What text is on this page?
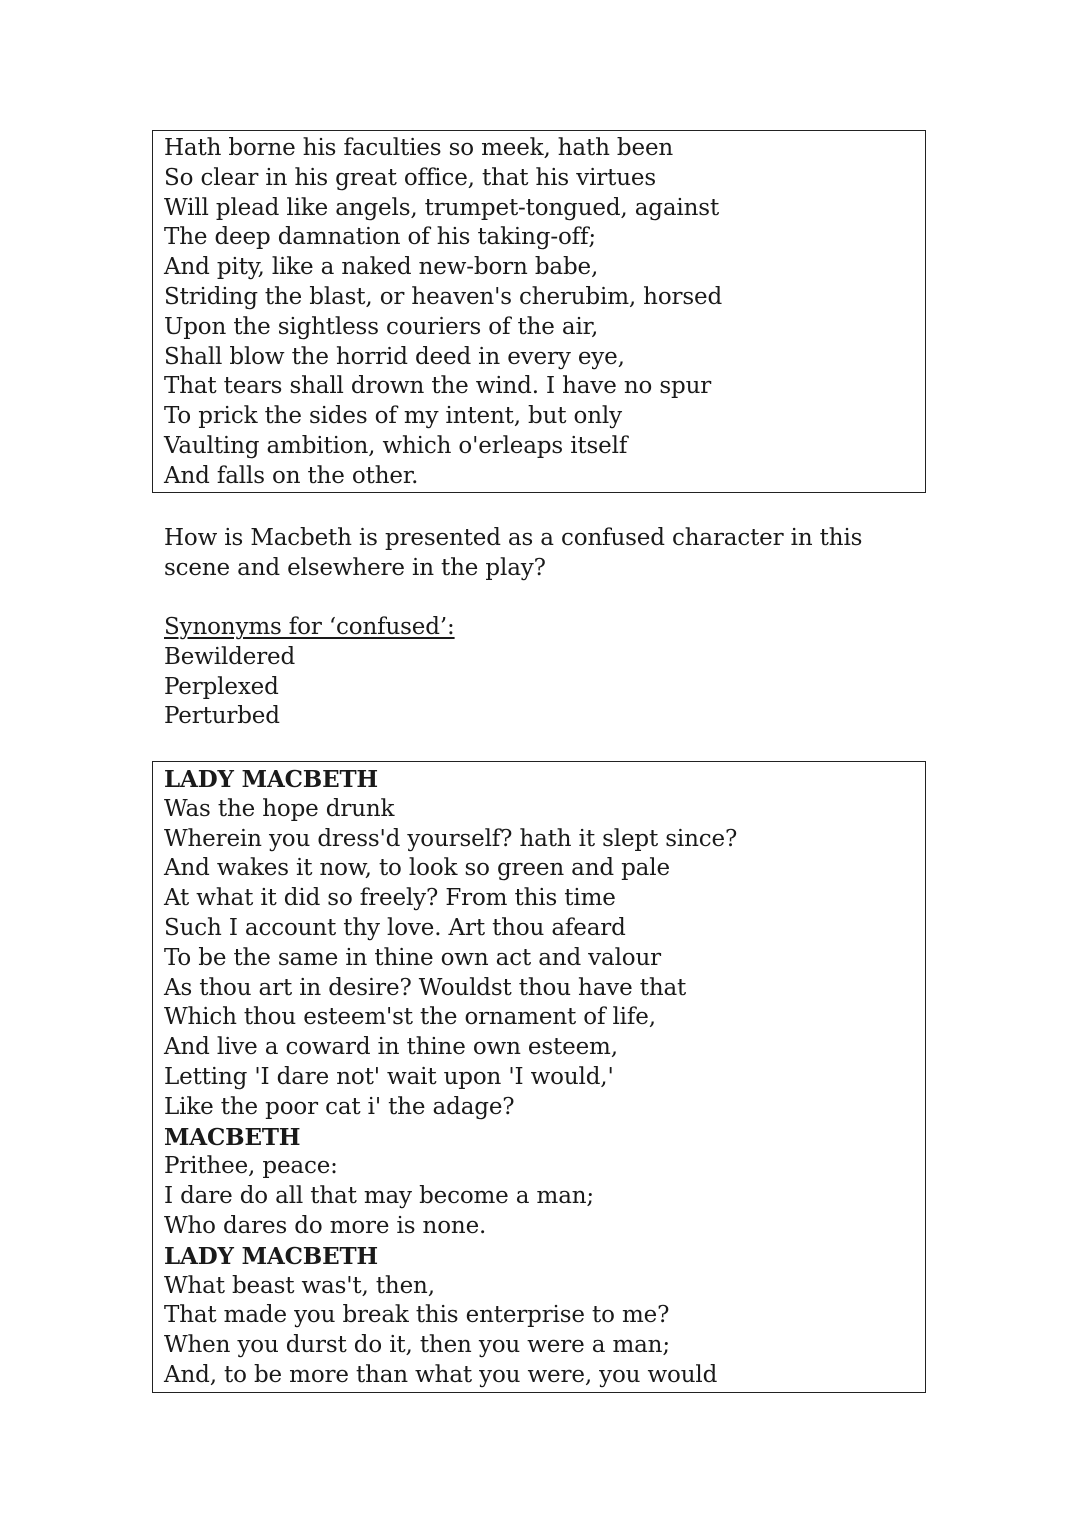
Hath borne his faculties so meek, hath been
So clear in his great office, that his virtues
Will plead like angels, trumpet-tongued, against
The deep damnation of his taking-off;
And pity, like a naked new-born babe,
Striding the blast, or heaven's cherubim, horsed
Upon the sightless couriers of the air,
Shall blow the horrid deed in every eye,
That tears shall drown the wind. I have no spur
To prick the sides of my intent, but only
Vaulting ambition, which o'erleaps itself
And falls on the other.
How is Macbeth is presented as a confused character in this scene and elsewhere in the play?
Synonyms for ‘confused’:
Bewildered
Perplexed
Perturbed
LADY MACBETH
Was the hope drunk
Wherein you dress'd yourself? hath it slept since?
And wakes it now, to look so green and pale
At what it did so freely? From this time
Such I account thy love. Art thou afeard
To be the same in thine own act and valour
As thou art in desire? Wouldst thou have that
Which thou esteem'st the ornament of life,
And live a coward in thine own esteem,
Letting 'I dare not' wait upon 'I would,'
Like the poor cat i' the adage?
MACBETH
Prithee, peace:
I dare do all that may become a man;
Who dares do more is none.
LADY MACBETH
What beast was't, then,
That made you break this enterprise to me?
When you durst do it, then you were a man;
And, to be more than what you were, you would
